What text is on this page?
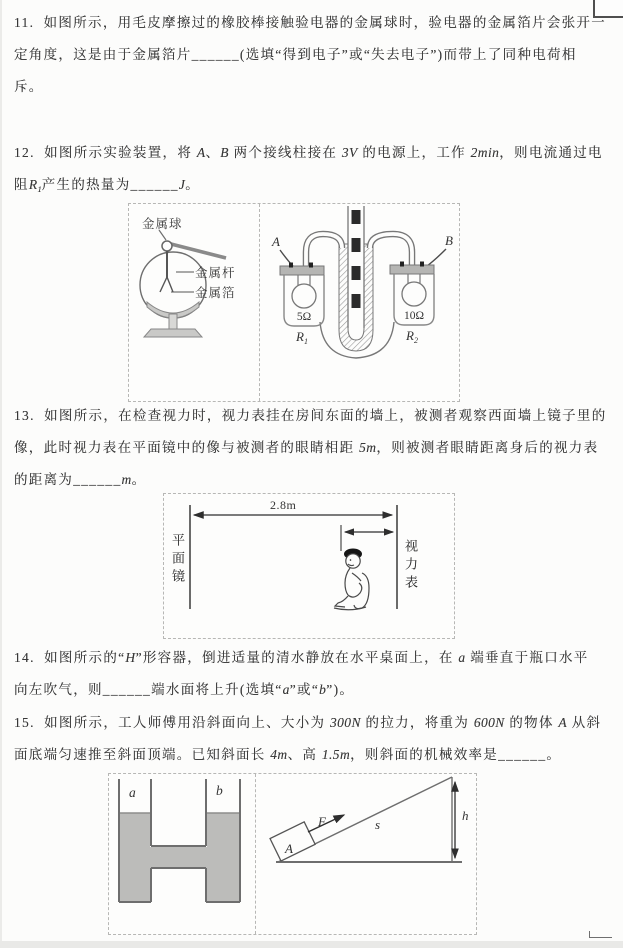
11.  如图所示，用毛皮摩擦过的橡胶棒接触验电器的金属球时，验电器的金属箔片会张开一
定角度，这是由于金属箔片______(选填“得到电子”或“失去电子”)而带上了同种电荷相
斥。
12.  如图所示实验装置，将 A、B 两个接线柱接在 3V 的电源上，工作 2min，则电流通过电
阻$R_1$产生的热量为______J。
金属球
金属杆
金属箔
A	B
5Ω
$R_1$
10Ω
$R_2$
13.  如图所示，在检查视力时，视力表挂在房间东面的墙上，被测者观察西面墙上镜子里的
像，此时视力表在平面镜中的像与被测者的眼睛相距 5m，则被测者眼睛距离身后的视力表
的距离为______m。
2.8m
平面镜	视力表
14.  如图所示的“H”形容器，倒进适量的清水静放在水平桌面上，在 a 端垂直于瓶口水平
向左吹气，则______端水面将上升(选填“a”或“b”)。
15.  如图所示，工人师傅用沿斜面向上、大小为 300N 的拉力，将重为 600N 的物体 A 从斜
面底端匀速推至斜面顶端。已知斜面长 4m、高 1.5m，则斜面的机械效率是______。
a	b
A
F	s
h
